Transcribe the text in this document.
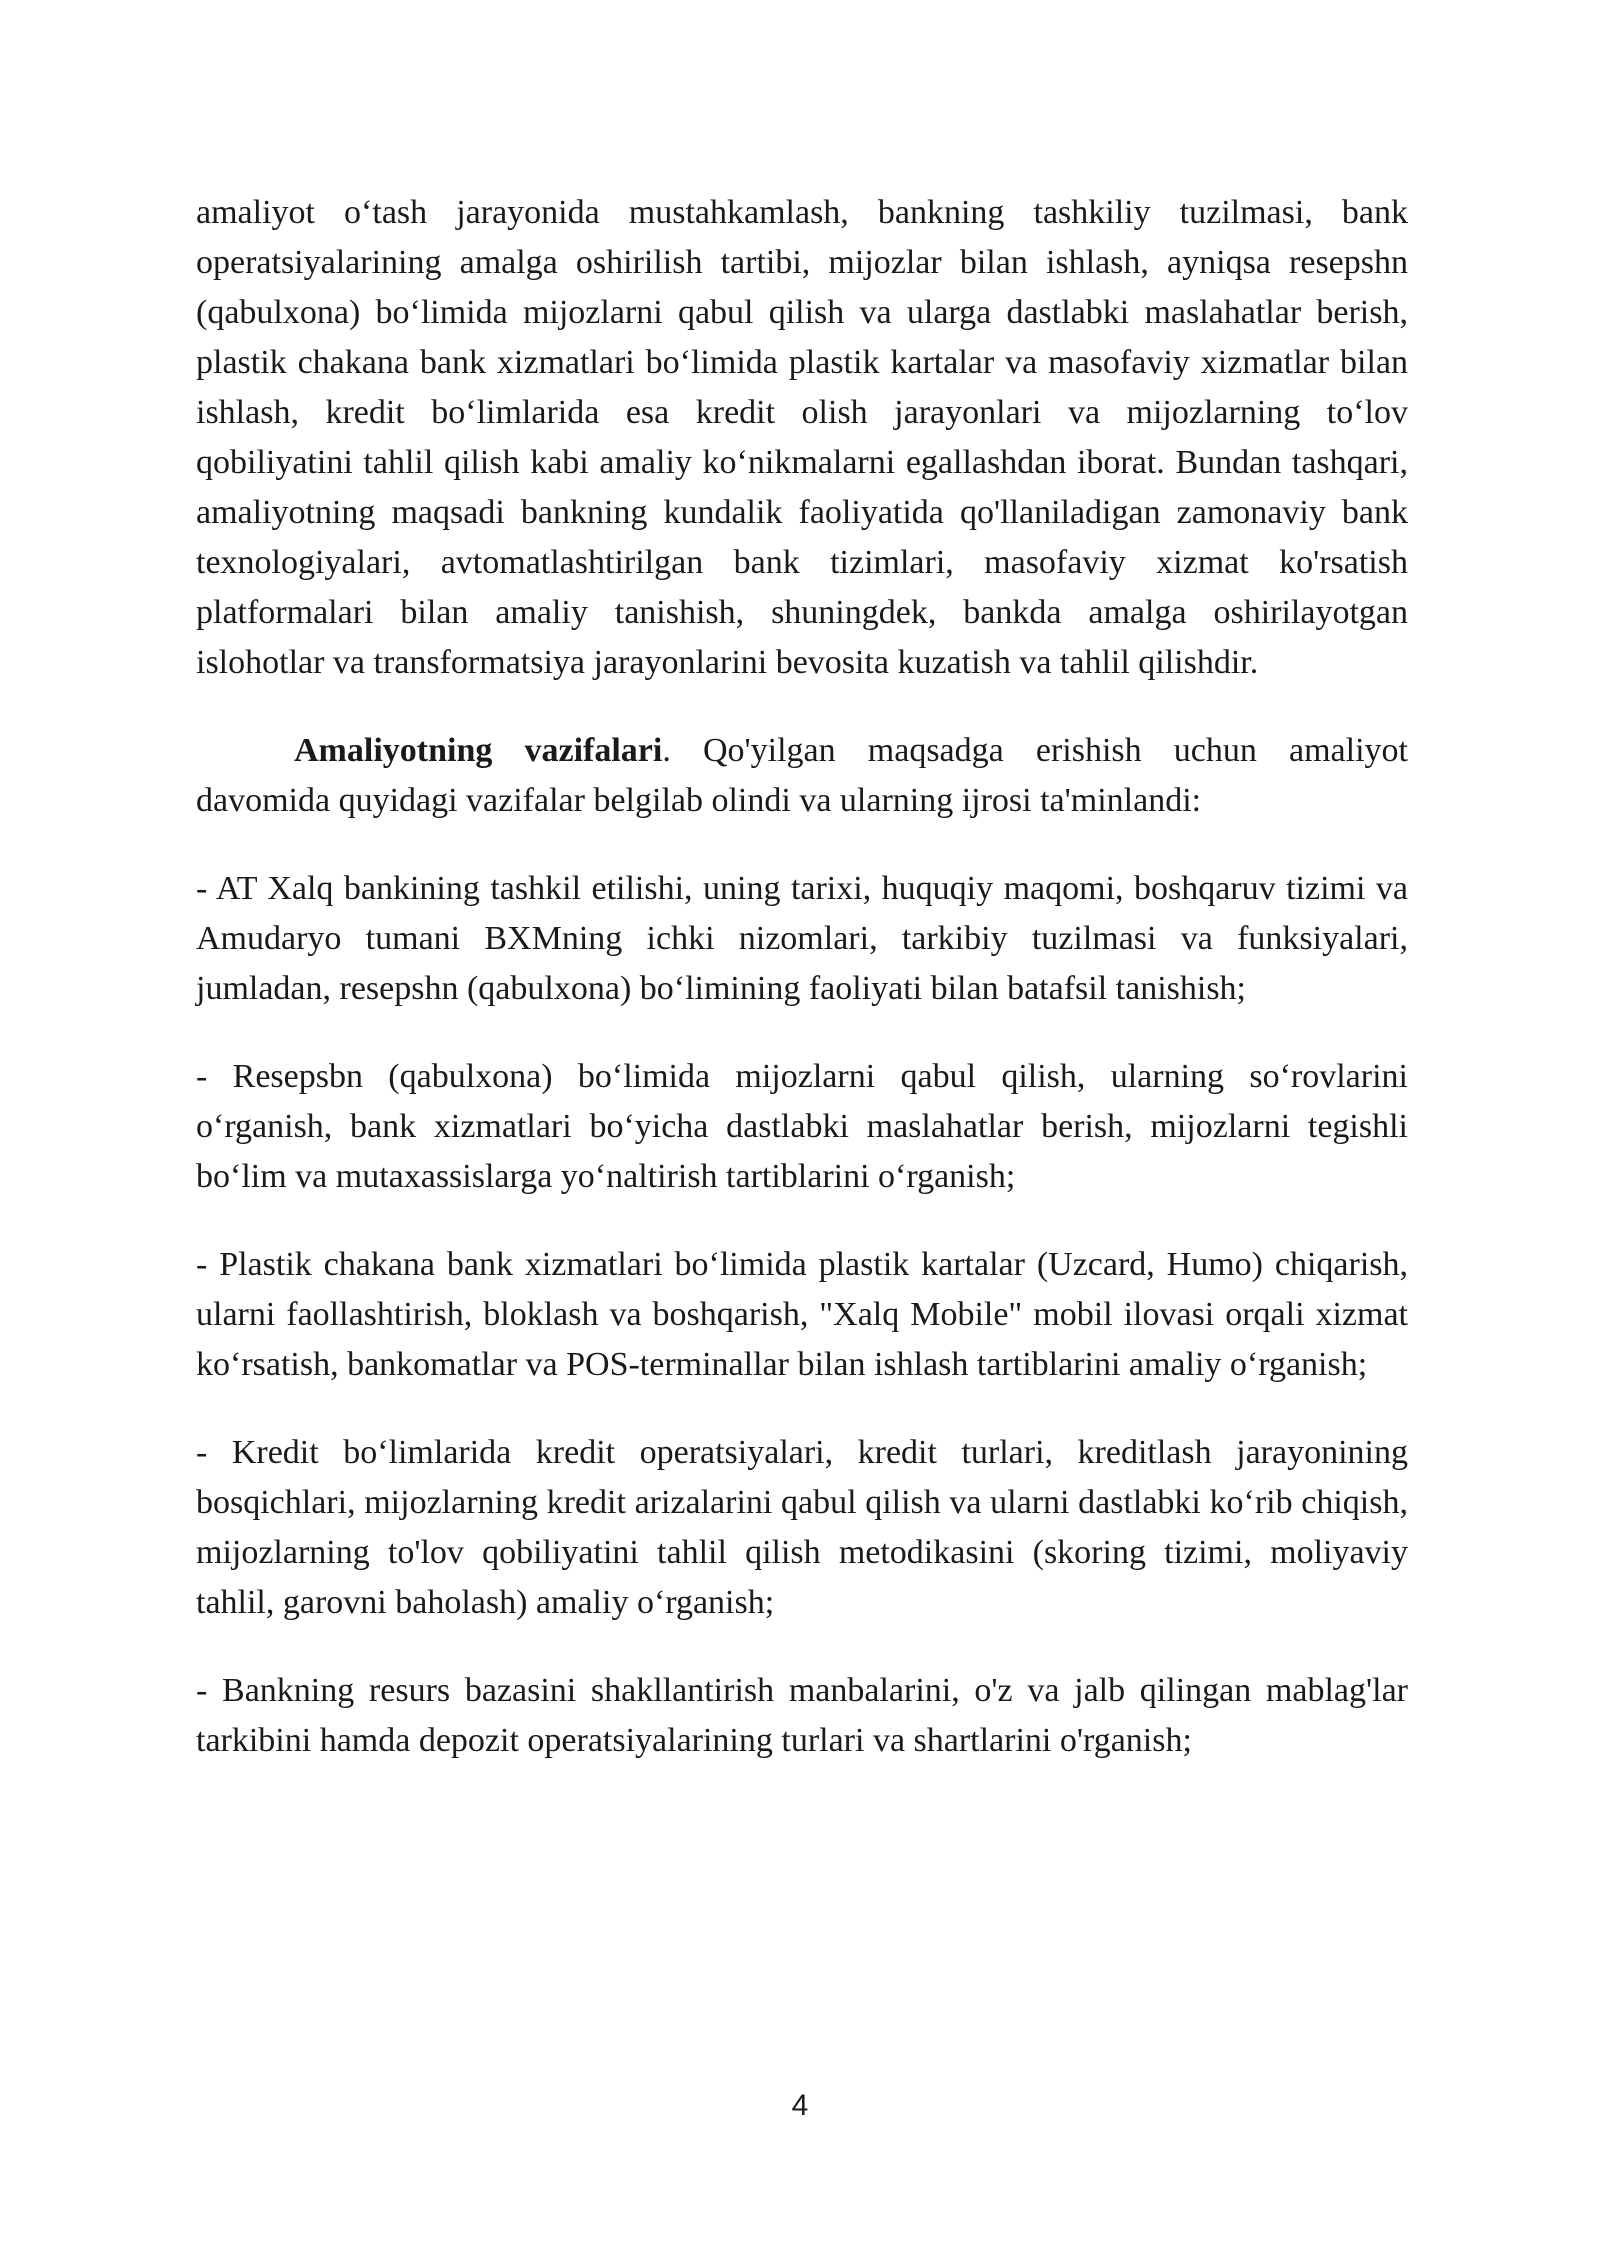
amaliyot o‘tash jarayonida mustahkamlash, bankning tashkiliy tuzilmasi, bank operatsiyalarining amalga oshirilish tartibi, mijozlar bilan ishlash, ayniqsa resepshn (qabulxona) bo‘limida mijozlarni qabul qilish va ularga dastlabki maslahatlar berish, plastik chakana bank xizmatlari bo‘limida plastik kartalar va masofaviy xizmatlar bilan ishlash, kredit bo‘limlarida esa kredit olish jarayonlari va mijozlarning to‘lov qobiliyatini tahlil qilish kabi amaliy ko‘nikmalarni egallashdan iborat. Bundan tashqari, amaliyotning maqsadi bankning kundalik faoliyatida qo'llaniladigan zamonaviy bank texnologiyalari, avtomatlashtirilgan bank tizimlari, masofaviy xizmat ko'rsatish platformalari bilan amaliy tanishish, shuningdek, bankda amalga oshirilayotgan islohotlar va transformatsiya jarayonlarini bevosita kuzatish va tahlil qilishdir.

Amaliyotning vazifalari. Qo'yilgan maqsadga erishish uchun amaliyot davomida quyidagi vazifalar belgilab olindi va ularning ijrosi ta'minlandi:

- AT Xalq bankining tashkil etilishi, uning tarixi, huquqiy maqomi, boshqaruv tizimi va Amudaryo tumani BXMning ichki nizomlari, tarkibiy tuzilmasi va funksiyalari, jumladan, resepshn (qabulxona) bo‘limining faoliyati bilan batafsil tanishish;

- Resepsbn (qabulxona) bo‘limida mijozlarni qabul qilish, ularning so‘rovlarini o‘rganish, bank xizmatlari bo‘yicha dastlabki maslahatlar berish, mijozlarni tegishli bo‘lim va mutaxassislarga yo‘naltirish tartiblarini o‘rganish;

- Plastik chakana bank xizmatlari bo‘limida plastik kartalar (Uzcard, Humo) chiqarish, ularni faollashtirish, bloklash va boshqarish, "Xalq Mobile" mobil ilovasi orqali xizmat ko‘rsatish, bankomatlar va POS-terminallar bilan ishlash tartiblarini amaliy o‘rganish;

- Kredit bo‘limlarida kredit operatsiyalari, kredit turlari, kreditlash jarayonining bosqichlari, mijozlarning kredit arizalarini qabul qilish va ularni dastlabki ko‘rib chiqish, mijozlarning to'lov qobiliyatini tahlil qilish metodikasini (skoring tizimi, moliyaviy tahlil, garovni baholash) amaliy o‘rganish;

- Bankning resurs bazasini shakllantirish manbalarini, o'z va jalb qilingan mablag'lar tarkibini hamda depozit operatsiyalarining turlari va shartlarini o'rganish;

4
